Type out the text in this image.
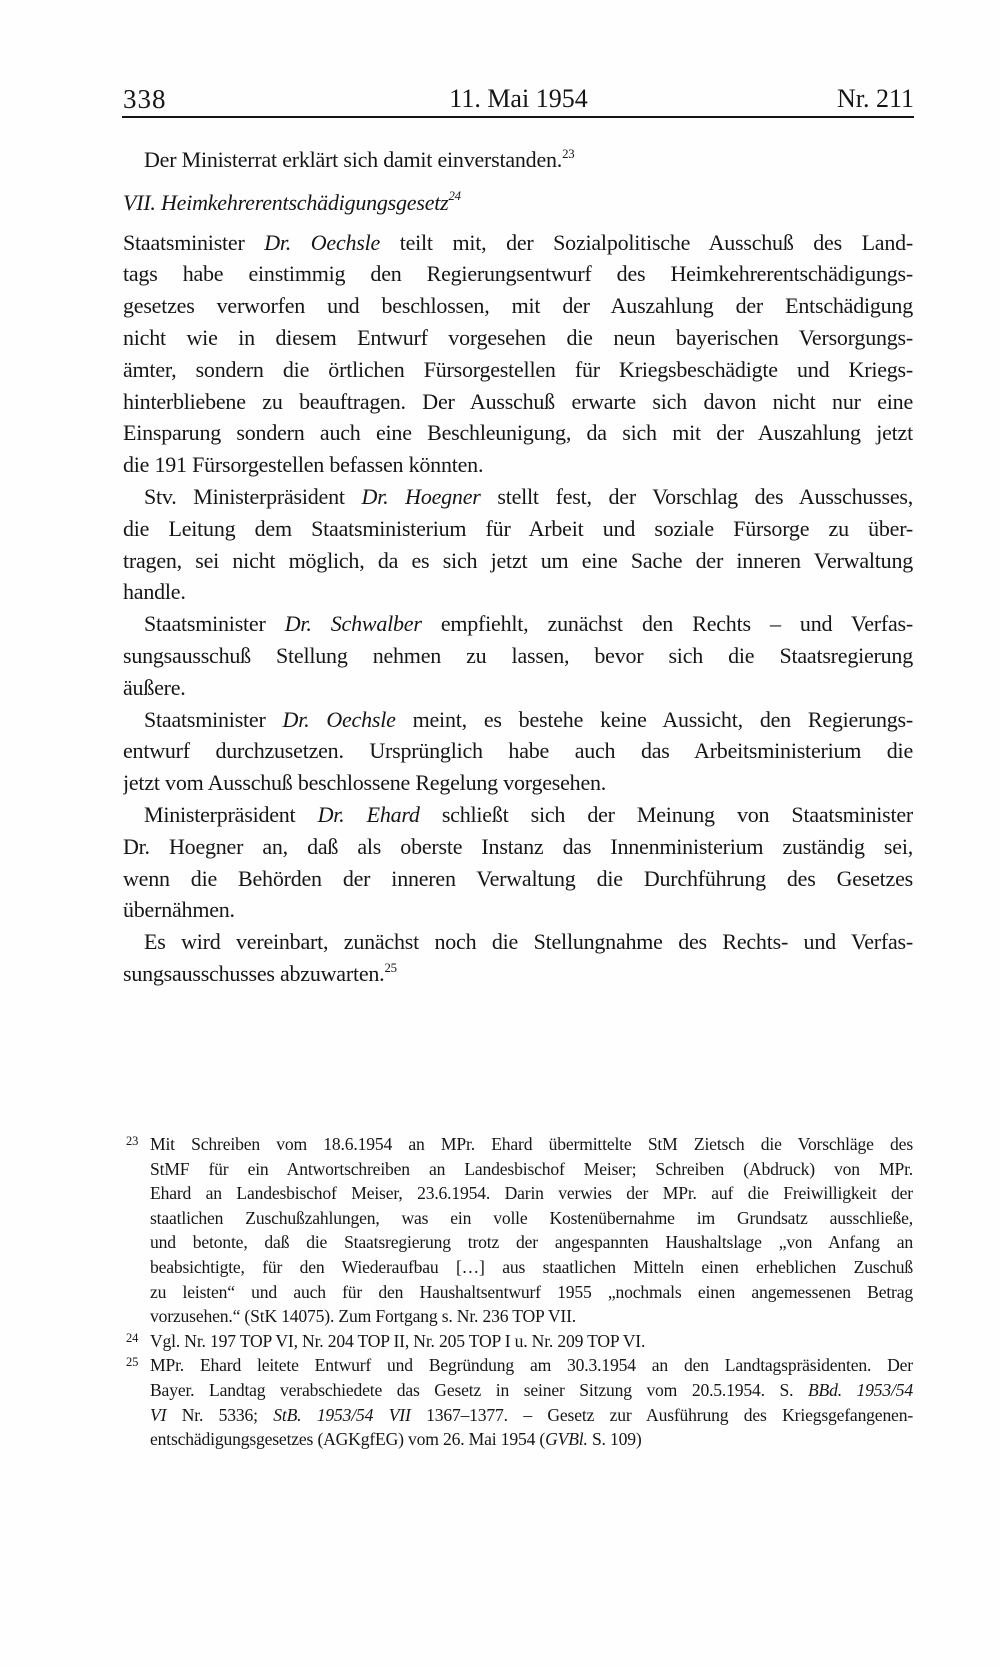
338	11. Mai 1954	Nr. 211
Der Ministerrat erklärt sich damit einverstanden.$^{23}$
VII. Heimkehrerentschädigungsgesetz$^{24}$
Staatsminister Dr. Oechsle teilt mit, der Sozialpolitische Ausschuß des Land-
tags habe einstimmig den Regierungsentwurf des Heimkehrerentschädigungs-
gesetzes verworfen und beschlossen, mit der Auszahlung der Entschädigung
nicht wie in diesem Entwurf vorgesehen die neun bayerischen Versorgungs-
ämter, sondern die örtlichen Fürsorgestellen für Kriegsbeschädigte und Kriegs-
hinterbliebene zu beauftragen. Der Ausschuß erwarte sich davon nicht nur eine
Einsparung sondern auch eine Beschleunigung, da sich mit der Auszahlung jetzt
die 191 Fürsorgestellen befassen könnten.
Stv. Ministerpräsident Dr. Hoegner stellt fest, der Vorschlag des Ausschusses,
die Leitung dem Staatsministerium für Arbeit und soziale Fürsorge zu über-
tragen, sei nicht möglich, da es sich jetzt um eine Sache der inneren Verwaltung
handle.
Staatsminister Dr. Schwalber empfiehlt, zunächst den Rechts – und Verfas-
sungsausschuß Stellung nehmen zu lassen, bevor sich die Staatsregierung
äußere.
Staatsminister Dr. Oechsle meint, es bestehe keine Aussicht, den Regierungs-
entwurf durchzusetzen. Ursprünglich habe auch das Arbeitsministerium die
jetzt vom Ausschuß beschlossene Regelung vorgesehen.
Ministerpräsident Dr. Ehard schließt sich der Meinung von Staatsminister
Dr. Hoegner an, daß als oberste Instanz das Innenministerium zuständig sei,
wenn die Behörden der inneren Verwaltung die Durchführung des Gesetzes
übernähmen.
Es wird vereinbart, zunächst noch die Stellungnahme des Rechts- und Verfas-
sungsausschusses abzuwarten.$^{25}$
23 Mit Schreiben vom 18.6.1954 an MPr. Ehard übermittelte StM Zietsch die Vorschläge des
StMF für ein Antwortschreiben an Landesbischof Meiser; Schreiben (Abdruck) von MPr.
Ehard an Landesbischof Meiser, 23.6.1954. Darin verwies der MPr. auf die Freiwilligkeit der
staatlichen Zuschußzahlungen, was ein volle Kostenübernahme im Grundsatz ausschließe,
und betonte, daß die Staatsregierung trotz der angespannten Haushaltslage „von Anfang an
beabsichtigte, für den Wiederaufbau […] aus staatlichen Mitteln einen erheblichen Zuschuß
zu leisten“ und auch für den Haushaltsentwurf 1955 „nochmals einen angemessenen Betrag
vorzusehen.“ (StK 14075). Zum Fortgang s. Nr. 236 TOP VII.
24 Vgl. Nr. 197 TOP VI, Nr. 204 TOP II, Nr. 205 TOP I u. Nr. 209 TOP VI.
25 MPr. Ehard leitete Entwurf und Begründung am 30.3.1954 an den Landtagspräsidenten. Der
Bayer. Landtag verabschiedete das Gesetz in seiner Sitzung vom 20.5.1954. S. BBd. 1953/54
VI Nr. 5336; StB. 1953/54 VII 1367–1377. – Gesetz zur Ausführung des Kriegsgefangenen-
entschädigungsgesetzes (AGKgfEG) vom 26. Mai 1954 (GVBl. S. 109)
